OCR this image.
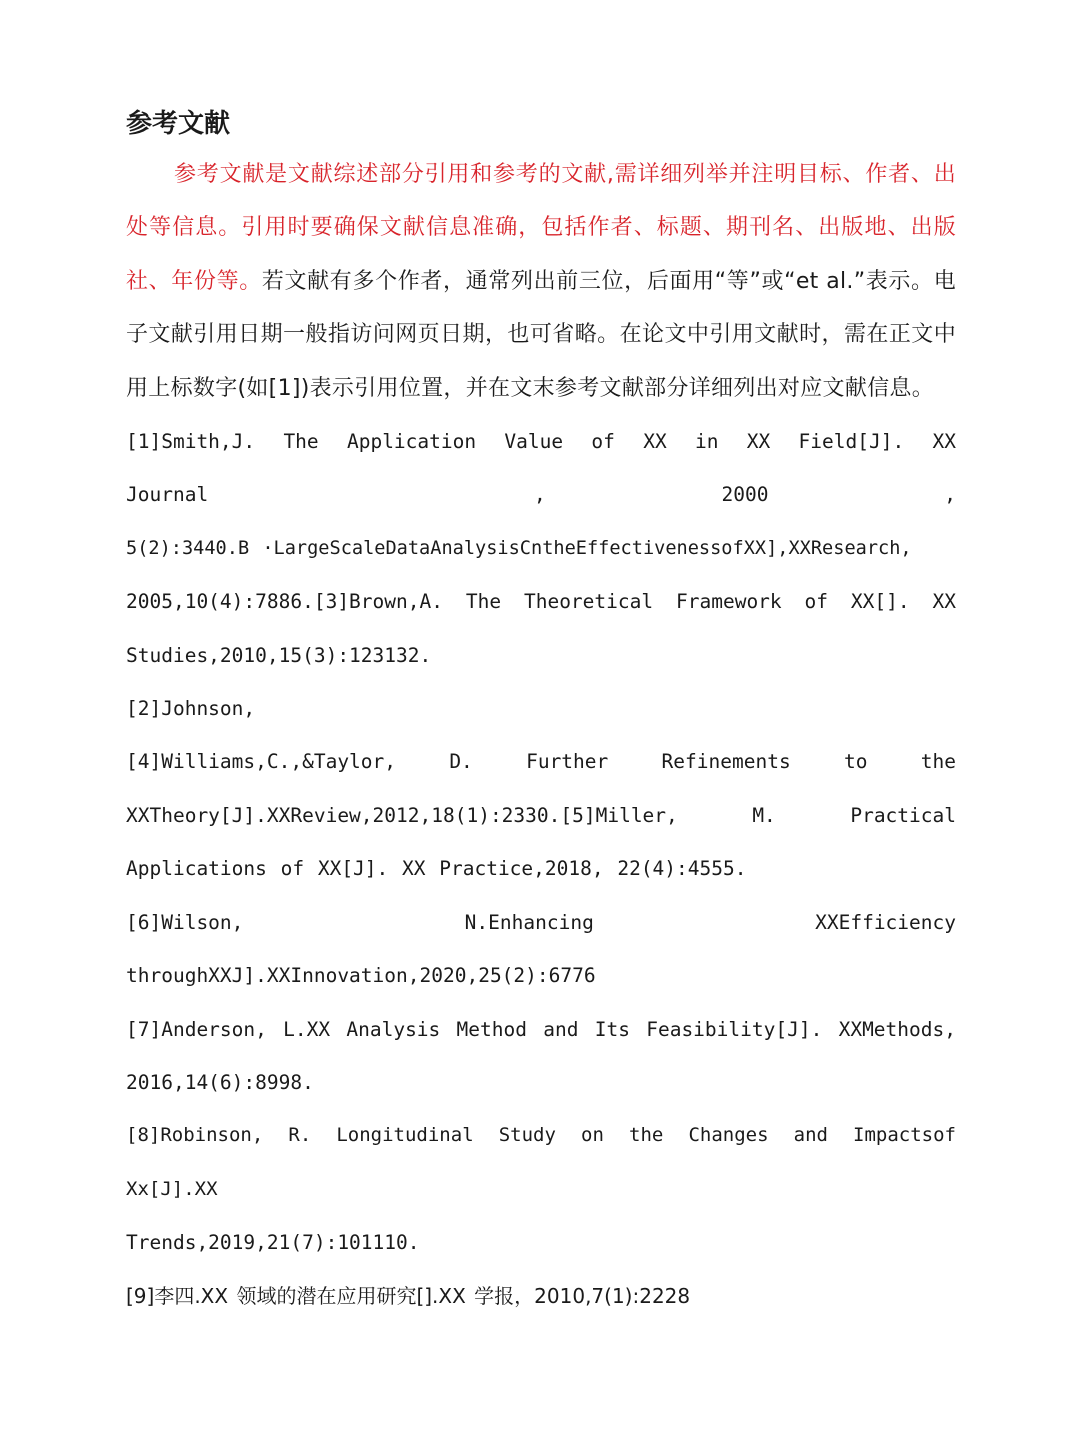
参考文献

参考文献是文献综述部分引用和参考的文献,需详细列举并注明目标、作者、出处等信息。引用时要确保文献信息准确，包括作者、标题、期刊名、出版地、出版社、年份等。若文献有多个作者，通常列出前三位，后面用“等”或“et al.”表示。电子文献引用日期一般指访问网页日期，也可省略。在论文中引用文献时，需在正文中用上标数字(如[1])表示引用位置，并在文末参考文献部分详细列出对应文献信息。

[1]Smith,J. The Application Value of XX in XX Field[J]. XX
Journal	,	2000	,
5(2):3440.B ·LargeScaleDataAnalysisCntheEffectivenessofXX],XXResearch,
2005,10(4):7886.[3]Brown,A. The Theoretical Framework of XX[]. XX
Studies,2010,15(3):123132.
[2]Johnson,
[4]Williams,C.,&Taylor, D. Further Refinements to the
XXTheory[J].XXReview,2012,18(1):2330.[5]Miller, M. Practical
Applications of XX[J]. XX Practice,2018, 22(4):4555.
[6]Wilson, N.Enhancing XXEfficiency
throughXXJ].XXInnovation,2020,25(2):6776
[7]Anderson, L.XX Analysis Method and Its Feasibility[J]. XXMethods,
2016,14(6):8998.
[8]Robinson, R. Longitudinal Study on the Changes and Impactsof Xx[J].XX
Trends,2019,21(7):101110.
[9]李四.XX 领域的潜在应用研究[].XX 学报，2010,7(1):2228
